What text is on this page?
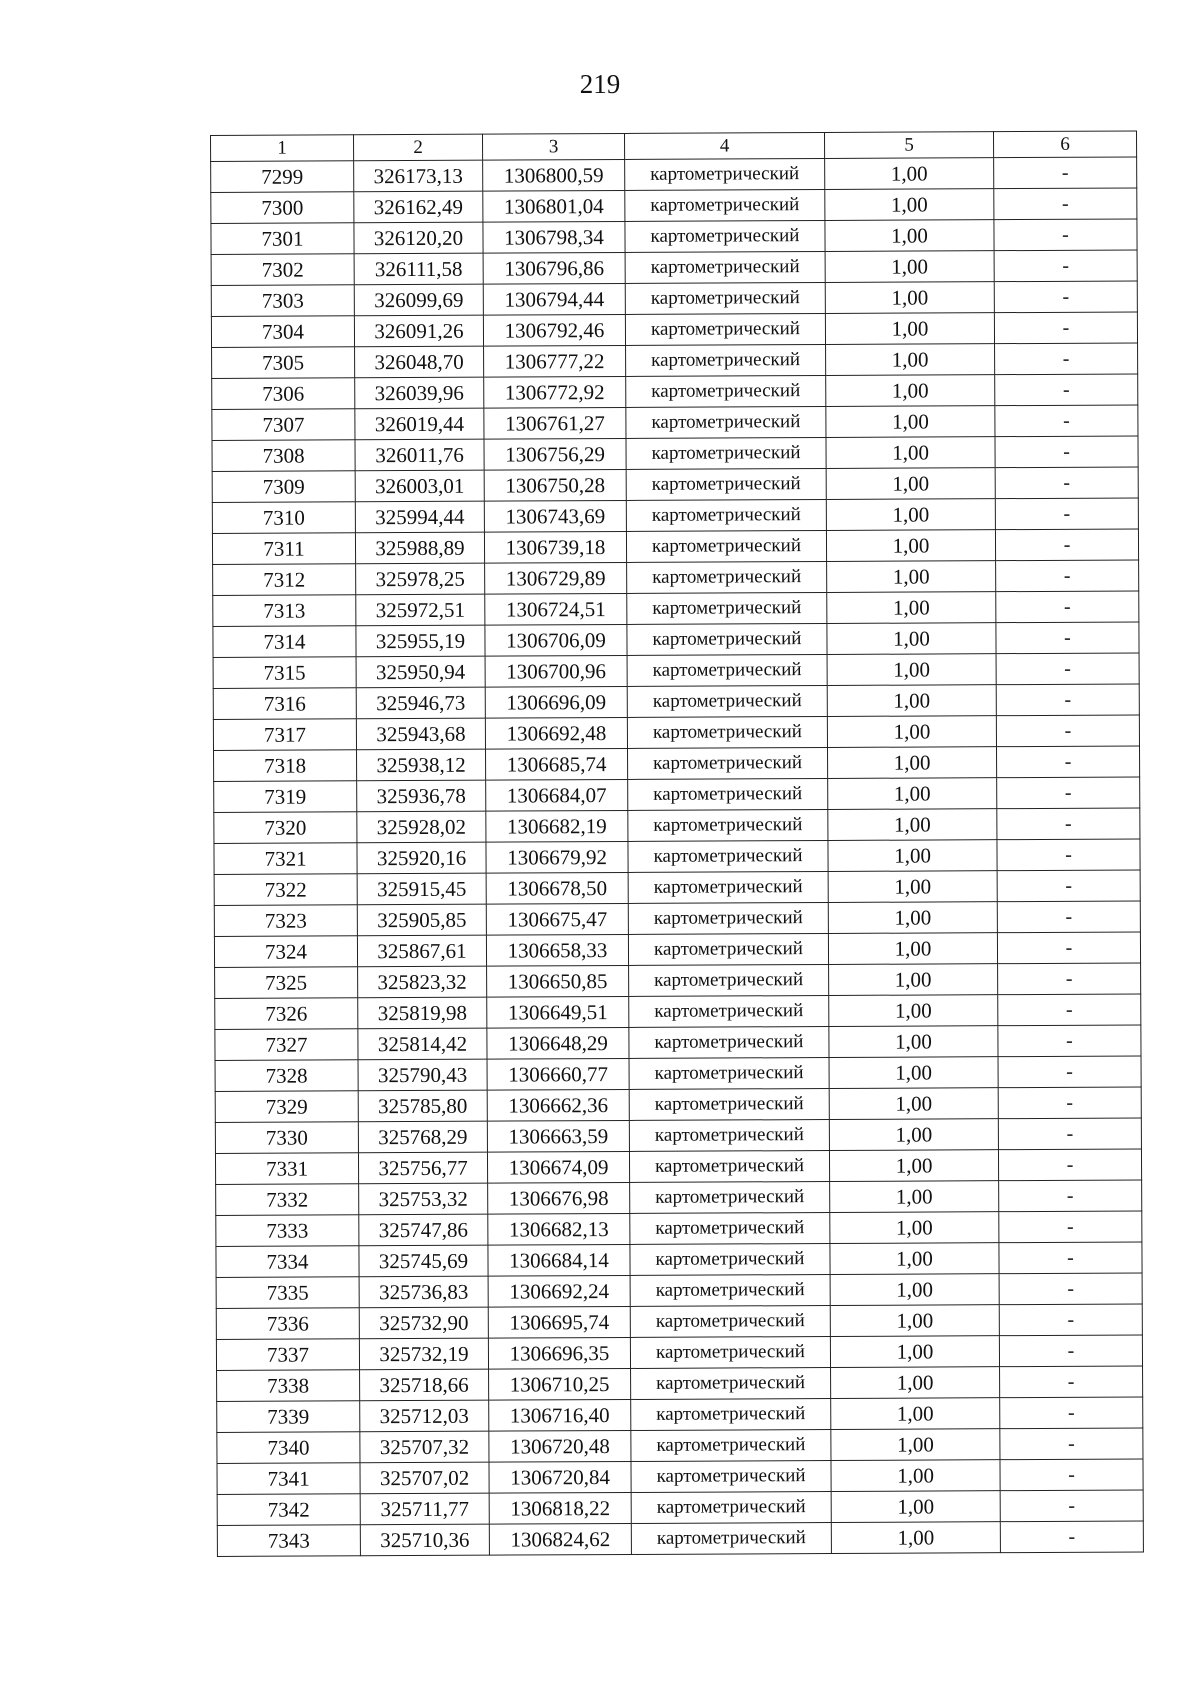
219
1	2	3	4	5	6
7299	326173,13	1306800,59	картометрический	1,00	-
7300	326162,49	1306801,04	картометрический	1,00	-
7301	326120,20	1306798,34	картометрический	1,00	-
7302	326111,58	1306796,86	картометрический	1,00	-
7303	326099,69	1306794,44	картометрический	1,00	-
7304	326091,26	1306792,46	картометрический	1,00	-
7305	326048,70	1306777,22	картометрический	1,00	-
7306	326039,96	1306772,92	картометрический	1,00	-
7307	326019,44	1306761,27	картометрический	1,00	-
7308	326011,76	1306756,29	картометрический	1,00	-
7309	326003,01	1306750,28	картометрический	1,00	-
7310	325994,44	1306743,69	картометрический	1,00	-
7311	325988,89	1306739,18	картометрический	1,00	-
7312	325978,25	1306729,89	картометрический	1,00	-
7313	325972,51	1306724,51	картометрический	1,00	-
7314	325955,19	1306706,09	картометрический	1,00	-
7315	325950,94	1306700,96	картометрический	1,00	-
7316	325946,73	1306696,09	картометрический	1,00	-
7317	325943,68	1306692,48	картометрический	1,00	-
7318	325938,12	1306685,74	картометрический	1,00	-
7319	325936,78	1306684,07	картометрический	1,00	-
7320	325928,02	1306682,19	картометрический	1,00	-
7321	325920,16	1306679,92	картометрический	1,00	-
7322	325915,45	1306678,50	картометрический	1,00	-
7323	325905,85	1306675,47	картометрический	1,00	-
7324	325867,61	1306658,33	картометрический	1,00	-
7325	325823,32	1306650,85	картометрический	1,00	-
7326	325819,98	1306649,51	картометрический	1,00	-
7327	325814,42	1306648,29	картометрический	1,00	-
7328	325790,43	1306660,77	картометрический	1,00	-
7329	325785,80	1306662,36	картометрический	1,00	-
7330	325768,29	1306663,59	картометрический	1,00	-
7331	325756,77	1306674,09	картометрический	1,00	-
7332	325753,32	1306676,98	картометрический	1,00	-
7333	325747,86	1306682,13	картометрический	1,00	-
7334	325745,69	1306684,14	картометрический	1,00	-
7335	325736,83	1306692,24	картометрический	1,00	-
7336	325732,90	1306695,74	картометрический	1,00	-
7337	325732,19	1306696,35	картометрический	1,00	-
7338	325718,66	1306710,25	картометрический	1,00	-
7339	325712,03	1306716,40	картометрический	1,00	-
7340	325707,32	1306720,48	картометрический	1,00	-
7341	325707,02	1306720,84	картометрический	1,00	-
7342	325711,77	1306818,22	картометрический	1,00	-
7343	325710,36	1306824,62	картометрический	1,00	-
